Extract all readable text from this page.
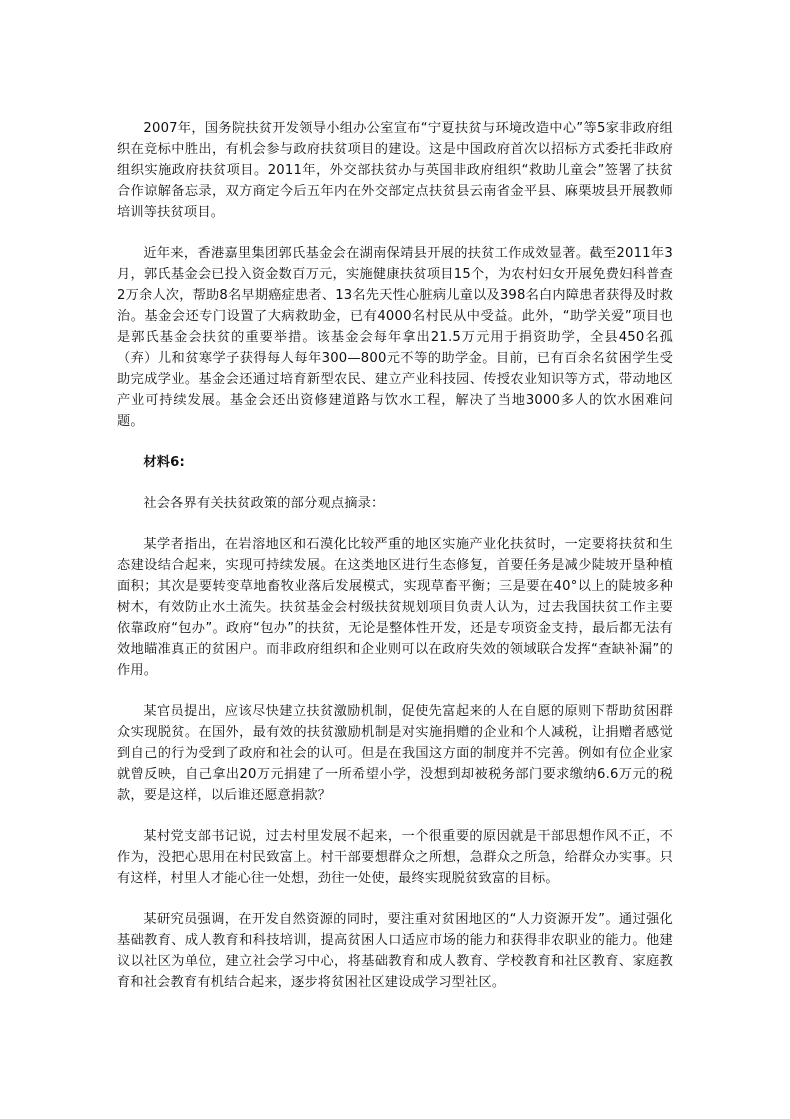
2007年，国务院扶贫开发领导小组办公室宣布“宁夏扶贫与环境改造中心”等5家非政府组织在竞标中胜出，有机会参与政府扶贫项目的建设。这是中国政府首次以招标方式委托非政府组织实施政府扶贫项目。2011年，外交部扶贫办与英国非政府组织“救助儿童会”签署了扶贫合作谅解备忘录，双方商定今后五年内在外交部定点扶贫县云南省金平县、麻栗坡县开展教师培训等扶贫项目。

近年来，香港嘉里集团郭氏基金会在湖南保靖县开展的扶贫工作成效显著。截至2011年3月，郭氏基金会已投入资金数百万元，实施健康扶贫项目15个，为农村妇女开展免费妇科普查2万余人次，帮助8名早期癌症患者、13名先天性心脏病儿童以及398名白内障患者获得及时救治。基金会还专门设置了大病救助金，已有4000名村民从中受益。此外，“助学关爱”项目也是郭氏基金会扶贫的重要举措。该基金会每年拿出21.5万元用于捐资助学，全县450名孤（弃）儿和贫寒学子获得每人每年300—800元不等的助学金。目前，已有百余名贫困学生受助完成学业。基金会还通过培育新型农民、建立产业科技园、传授农业知识等方式，带动地区产业可持续发展。基金会还出资修建道路与饮水工程，解决了当地3000多人的饮水困难问题。

材料6:

社会各界有关扶贫政策的部分观点摘录：

某学者指出，在岩溶地区和石漠化比较严重的地区实施产业化扶贫时，一定要将扶贫和生态建设结合起来，实现可持续发展。在这类地区进行生态修复，首要任务是减少陡坡开垦种植面积；其次是要转变草地畜牧业落后发展模式，实现草畜平衡；三是要在40°以上的陡坡多种树木，有效防止水土流失。扶贫基金会村级扶贫规划项目负责人认为，过去我国扶贫工作主要依靠政府“包办”。政府“包办”的扶贫，无论是整体性开发，还是专项资金支持，最后都无法有效地瞄准真正的贫困户。而非政府组织和企业则可以在政府失效的领域联合发挥“查缺补漏”的作用。

某官员提出，应该尽快建立扶贫激励机制，促使先富起来的人在自愿的原则下帮助贫困群众实现脱贫。在国外，最有效的扶贫激励机制是对实施捐赠的企业和个人减税，让捐赠者感觉到自己的行为受到了政府和社会的认可。但是在我国这方面的制度并不完善。例如有位企业家就曾反映，自己拿出20万元捐建了一所希望小学，没想到却被税务部门要求缴纳6.6万元的税款，要是这样，以后谁还愿意捐款？

某村党支部书记说，过去村里发展不起来，一个很重要的原因就是干部思想作风不正，不作为，没把心思用在村民致富上。村干部要想群众之所想，急群众之所急，给群众办实事。只有这样，村里人才能心往一处想，劲往一处使，最终实现脱贫致富的目标。

某研究员强调，在开发自然资源的同时，要注重对贫困地区的“人力资源开发”。通过强化基础教育、成人教育和科技培训，提高贫困人口适应市场的能力和获得非农职业的能力。他建议以社区为单位，建立社会学习中心，将基础教育和成人教育、学校教育和社区教育、家庭教育和社会教育有机结合起来，逐步将贫困社区建设成学习型社区。
